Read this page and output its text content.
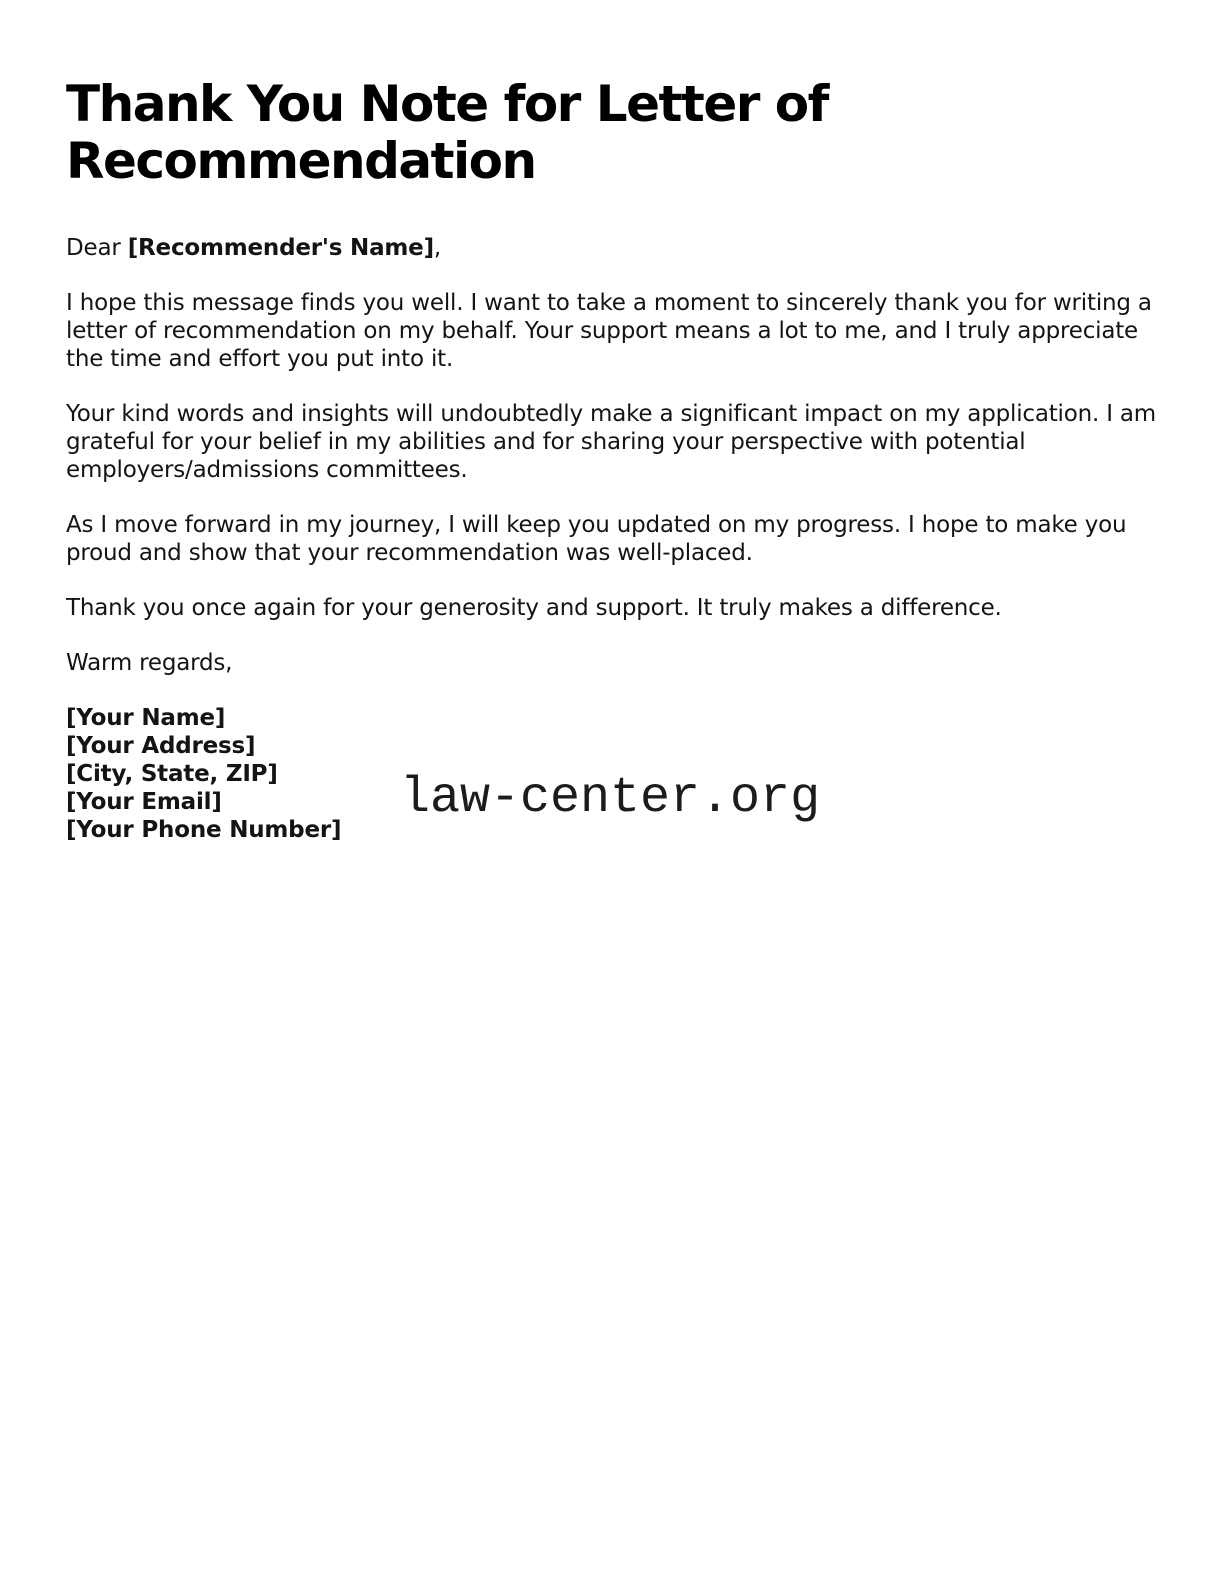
Thank You Note for Letter of Recommendation

Dear [Recommender's Name],

I hope this message finds you well. I want to take a moment to sincerely thank you for writing a letter of recommendation on my behalf. Your support means a lot to me, and I truly appreciate the time and effort you put into it.

Your kind words and insights will undoubtedly make a significant impact on my application. I am grateful for your belief in my abilities and for sharing your perspective with potential employers/admissions committees.

As I move forward in my journey, I will keep you updated on my progress. I hope to make you proud and show that your recommendation was well-placed.

Thank you once again for your generosity and support. It truly makes a difference.

Warm regards,

[Your Name]
[Your Address]
[City, State, ZIP]
[Your Email]
[Your Phone Number]
law-center.org
